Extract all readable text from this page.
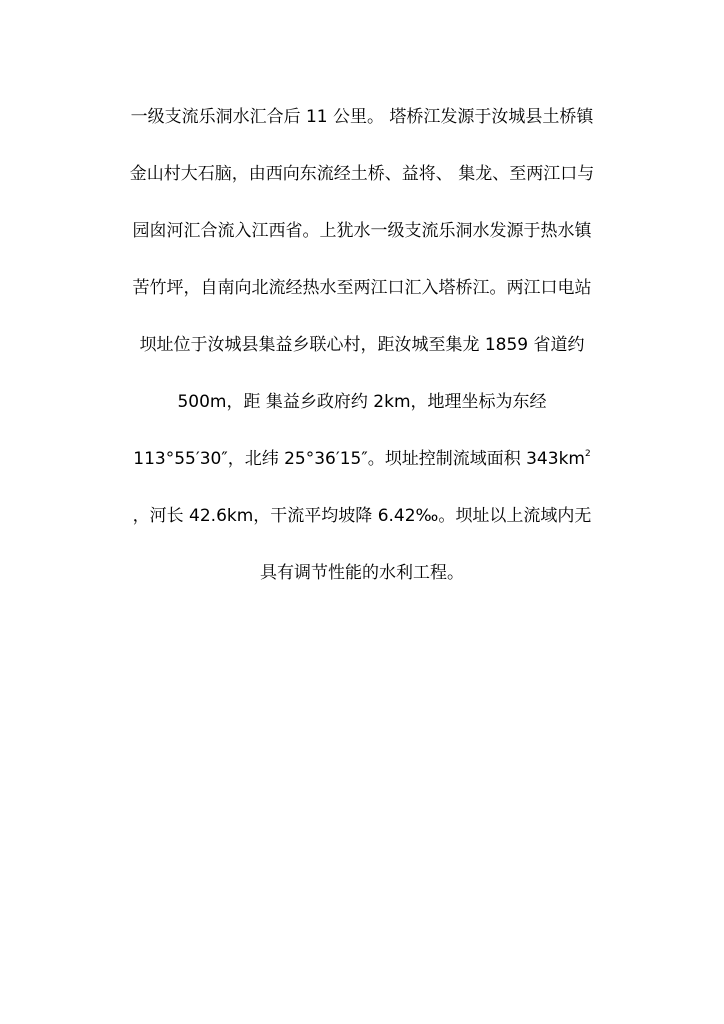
一级支流乐洞水汇合后 11 公里。 塔桥江发源于汝城县土桥镇
金山村大石脑，由西向东流经土桥、益将、 集龙、至两江口与
园囱河汇合流入江西省。上犹水一级支流乐洞水发源于热水镇
苦竹坪，自南向北流经热水至两江口汇入塔桥江。两江口电站
坝址位于汝城县集益乡联心村，距汝城至集龙 1859 省道约
500m，距 集益乡政府约 2km，地理坐标为东经
113°55′30″，北纬 25°36′15″。坝址控制流域面积 $343km^2$
，河长 42.6km，干流平均坡降 6.42‰。坝址以上流域内无
具有调节性能的水利工程。
